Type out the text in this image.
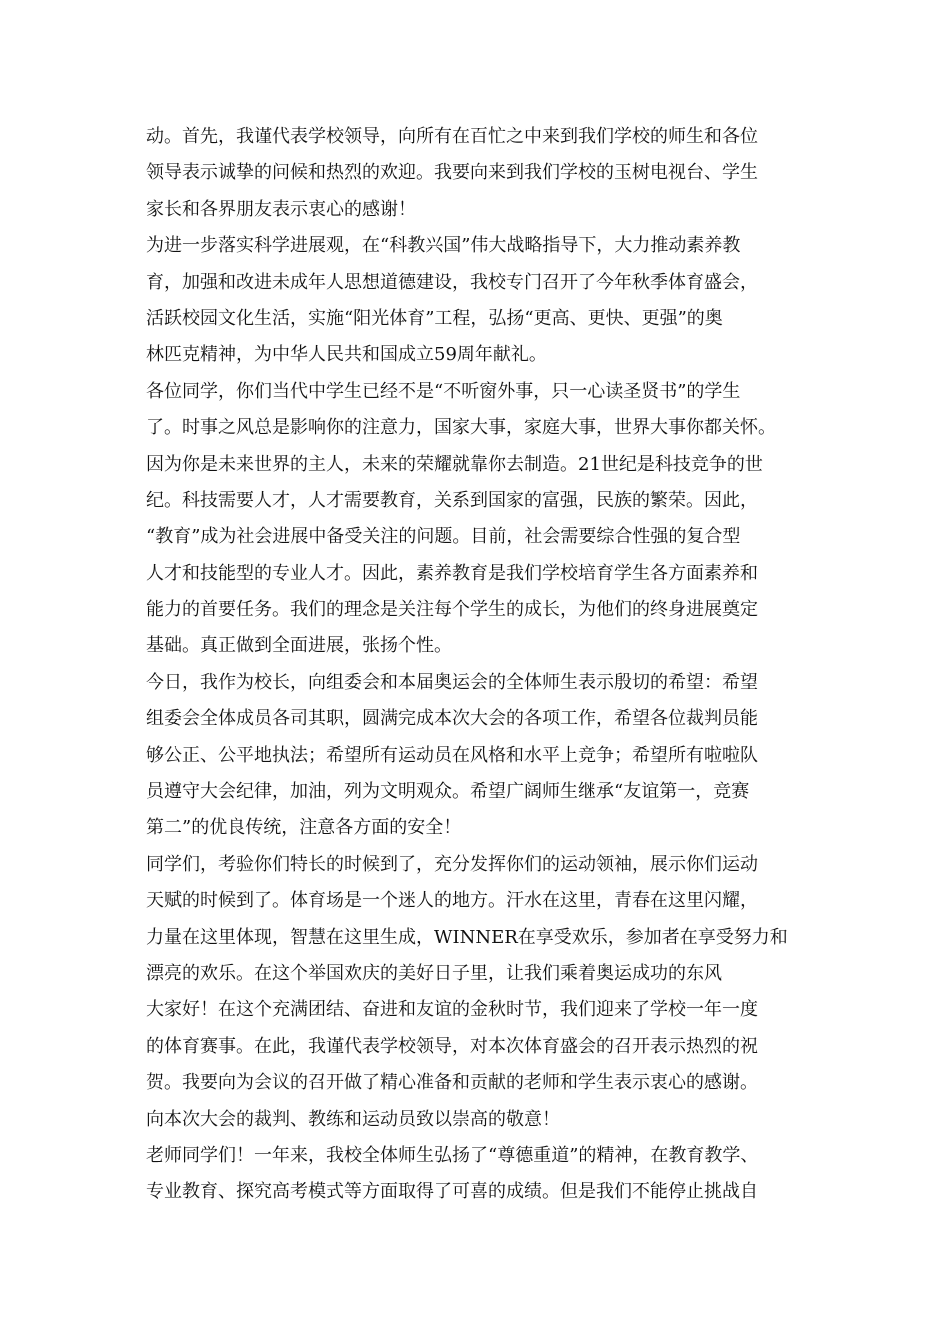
动。首先，我谨代表学校领导，向所有在百忙之中来到我们学校的师生和各位
领导表示诚挚的问候和热烈的欢迎。我要向来到我们学校的玉树电视台、学生
家长和各界朋友表示衷心的感谢！
为进一步落实科学进展观，在“科教兴国”伟大战略指导下，大力推动素养教
育，加强和改进未成年人思想道德建设，我校专门召开了今年秋季体育盛会，
活跃校园文化生活，实施“阳光体育”工程，弘扬“更高、更快、更强”的奥
林匹克精神，为中华人民共和国成立59周年献礼。
各位同学，你们当代中学生已经不是“不听窗外事，只一心读圣贤书”的学生
了。时事之风总是影响你的注意力，国家大事，家庭大事，世界大事你都关怀。
因为你是未来世界的主人，未来的荣耀就靠你去制造。21世纪是科技竞争的世
纪。科技需要人才，人才需要教育，关系到国家的富强，民族的繁荣。因此，
“教育”成为社会进展中备受关注的问题。目前，社会需要综合性强的复合型
人才和技能型的专业人才。因此，素养教育是我们学校培育学生各方面素养和
能力的首要任务。我们的理念是关注每个学生的成长，为他们的终身进展奠定
基础。真正做到全面进展，张扬个性。
今日，我作为校长，向组委会和本届奥运会的全体师生表示殷切的希望：希望
组委会全体成员各司其职，圆满完成本次大会的各项工作，希望各位裁判员能
够公正、公平地执法；希望所有运动员在风格和水平上竞争；希望所有啦啦队
员遵守大会纪律，加油，列为文明观众。希望广阔师生继承“友谊第一，竞赛
第二”的优良传统，注意各方面的安全！
同学们，考验你们特长的时候到了，充分发挥你们的运动领袖，展示你们运动
天赋的时候到了。体育场是一个迷人的地方。汗水在这里，青春在这里闪耀，
力量在这里体现，智慧在这里生成，WINNER在享受欢乐，参加者在享受努力和
漂亮的欢乐。在这个举国欢庆的美好日子里，让我们乘着奥运成功的东风
大家好！在这个充满团结、奋进和友谊的金秋时节，我们迎来了学校一年一度
的体育赛事。在此，我谨代表学校领导，对本次体育盛会的召开表示热烈的祝
贺。我要向为会议的召开做了精心准备和贡献的老师和学生表示衷心的感谢。
向本次大会的裁判、教练和运动员致以崇高的敬意！
老师同学们！一年来，我校全体师生弘扬了“尊德重道”的精神，在教育教学、
专业教育、探究高考模式等方面取得了可喜的成绩。但是我们不能停止挑战自
